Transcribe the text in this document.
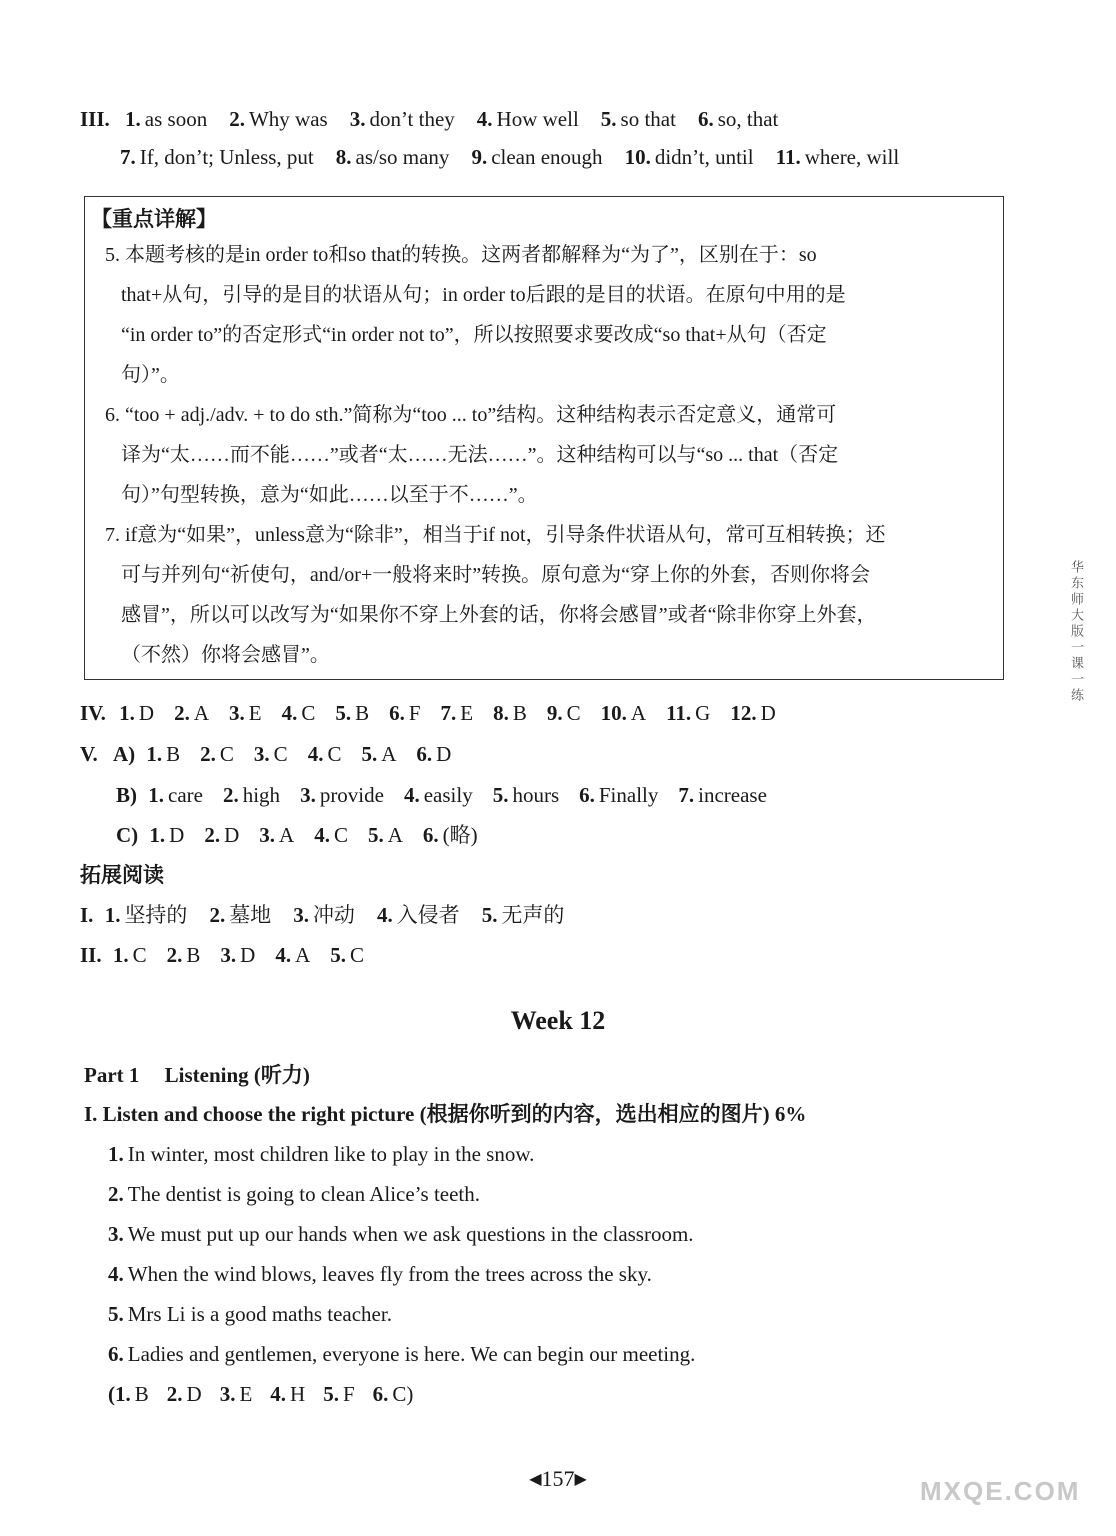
III. 1. as soon 2. Why was 3. don’t they 4. How well 5. so that 6. so, that
7. If, don’t; Unless, put 8. as/so many 9. clean enough 10. didn’t, until 11. where, will
【重点详解】
5. 本题考核的是in order to和so that的转换。这两者都解释为“为了”，区别在于：so
that+从句，引导的是目的状语从句；in order to后跟的是目的状语。在原句中用的是
“in order to”的否定形式“in order not to”，所以按照要求要改成“so that+从句（否定
句）”。
6. “too + adj./adv. + to do sth.”简称为“too ... to”结构。这种结构表示否定意义，通常可
译为“太……而不能……”或者“太……无法……”。这种结构可以与“so ... that（否定
句）”句型转换，意为“如此……以至于不……”。
7. if意为“如果”，unless意为“除非”，相当于if not，引导条件状语从句，常可互相转换；还
可与并列句“祈使句，and/or+一般将来时”转换。原句意为“穿上你的外套，否则你将会
感冒”，所以可以改写为“如果你不穿上外套的话，你将会感冒”或者“除非你穿上外套，
（不然）你将会感冒”。
IV. 1. D 2. A 3. E 4. C 5. B 6. F 7. E 8. B 9. C 10. A 11. G 12. D
V. A) 1. B 2. C 3. C 4. C 5. A 6. D
B) 1. care 2. high 3. provide 4. easily 5. hours 6. Finally 7. increase
C) 1. D 2. D 3. A 4. C 5. A 6. (略)
拓展阅读
I. 1. 坚持的 2. 墓地 3. 冲动 4. 入侵者 5. 无声的
II. 1. C 2. B 3. D 4. A 5. C
Week 12
Part 1 Listening (听力)
I. Listen and choose the right picture (根据你听到的内容，选出相应的图片) 6%
1. In winter, most children like to play in the snow.
2. The dentist is going to clean Alice’s teeth.
3. We must put up our hands when we ask questions in the classroom.
4. When the wind blows, leaves fly from the trees across the sky.
5. Mrs Li is a good maths teacher.
6. Ladies and gentlemen, everyone is here. We can begin our meeting.
(1. B 2. D 3. E 4. H 5. F 6. C)
华东师大版一课一练
◀157▶	MXQE.COM
